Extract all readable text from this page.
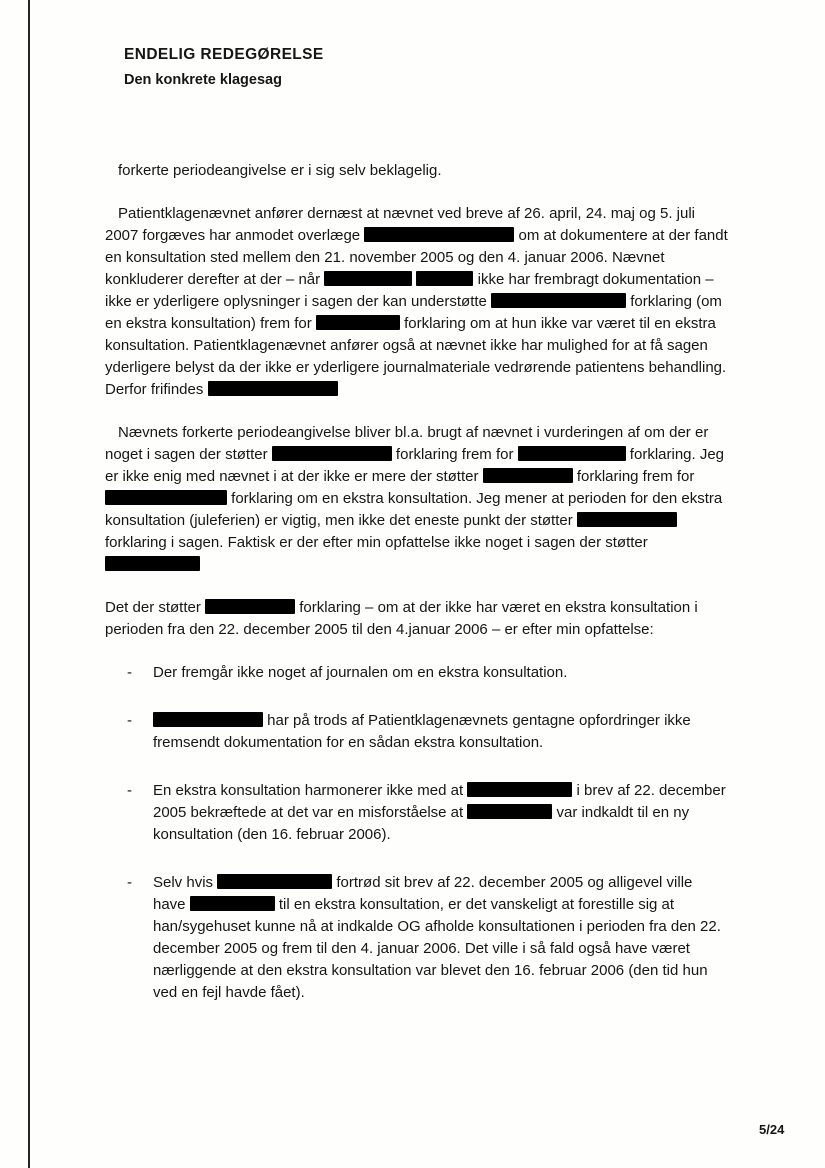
ENDELIG REDEGØRELSE
Den konkrete klagesag

forkerte periodeangivelse er i sig selv beklagelig.

Patientklagenævnet anfører dernæst at nævnet ved breve af 26. april, 24. maj og 5. juli 2007 forgæves har anmodet overlæge	om at dokumentere at der fandt en konsultation sted mellem den 21. november 2005 og den 4. januar 2006. Nævnet konkluderer derefter at der – når	ikke har frembragt dokumentation – ikke er yderligere oplysninger i sagen der kan understøtte	forklaring (om en ekstra konsultation) frem for	forklaring om at hun ikke var været til en ekstra konsultation. Patientklagenævnet anfører også at nævnet ikke har mulighed for at få sagen yderligere belyst da der ikke er yderligere journalmateriale vedrørende patientens behandling. Derfor frifindes

Nævnets forkerte periodeangivelse bliver bl.a. brugt af nævnet i vurderingen af om der er noget i sagen der støtter	forklaring frem for	forklaring. Jeg er ikke enig med nævnet i at der ikke er mere der støtter	forklaring frem for  forklaring om en ekstra konsultation. Jeg mener at perioden for den ekstra konsultation (juleferien) er vigtig, men ikke det eneste punkt der støtter  forklaring i sagen. Faktisk er der efter min opfattelse ikke noget i sagen der støtter

Det der støtter	forklaring – om at der ikke har været en ekstra konsultation i perioden fra den 22. december 2005 til den 4.januar 2006 – er efter min opfattelse:

-	Der fremgår ikke noget af journalen om en ekstra konsultation.
-	har på trods af Patientklagenævnets gentagne opfordringer ikke fremsendt dokumentation for en sådan ekstra konsultation.
-	En ekstra konsultation harmonerer ikke med at	i brev af 22. december 2005 bekræftede at det var en misforståelse at	var indkaldt til en ny konsultation (den 16. februar 2006).
-	Selv hvis	fortrød sit brev af 22. december 2005 og alligevel ville have	til en ekstra konsultation, er det vanskeligt at forestille sig at han/sygehuset kunne nå at indkalde OG afholde konsultationen i perioden fra den 22. december 2005 og frem til den 4. januar 2006. Det ville i så fald også have været nærliggende at den ekstra konsultation var blevet den 16. februar 2006 (den tid hun ved en fejl havde fået).
5/24
